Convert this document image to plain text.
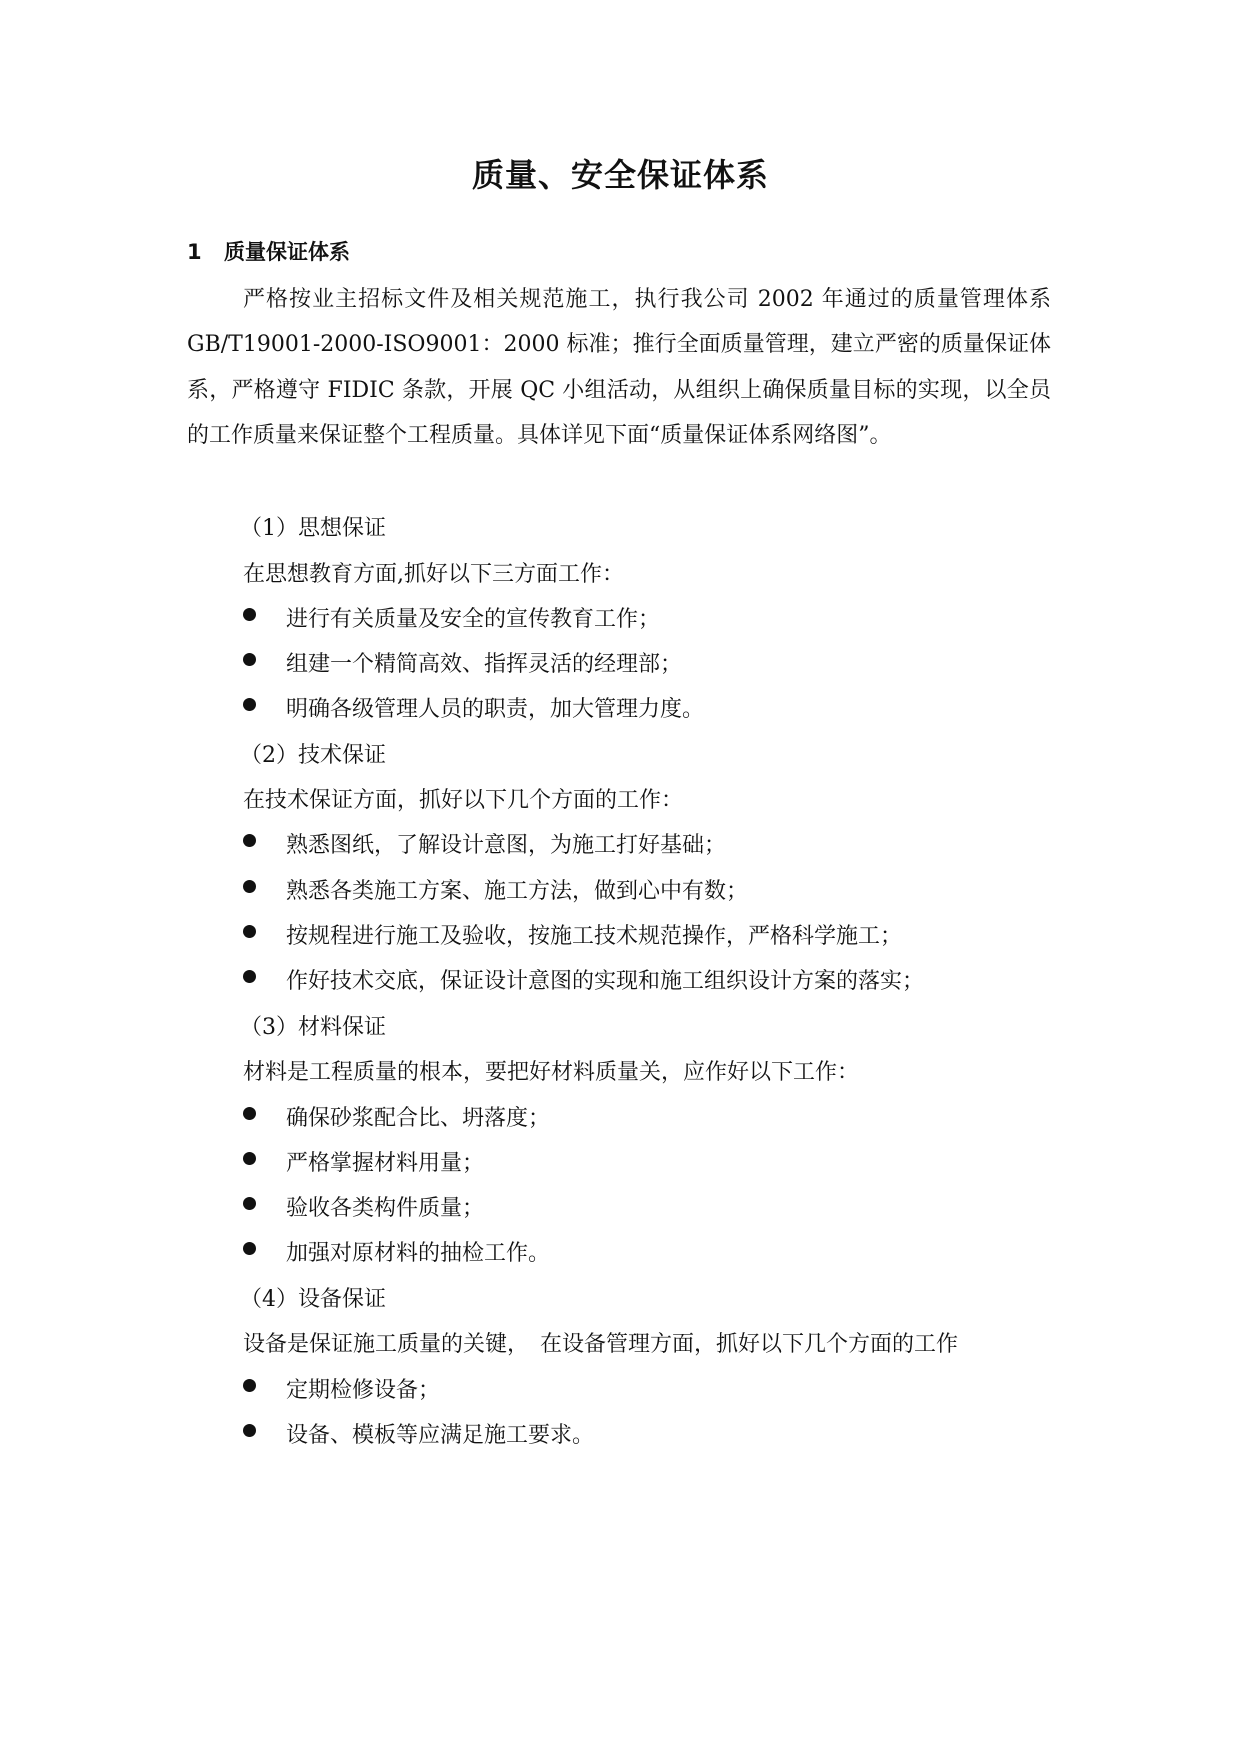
质量、安全保证体系
1 质量保证体系

严格按业主招标文件及相关规范施工，执行我公司 2002 年通过的质量管理体系 GB/T19001-2000-ISO9001：2000 标准；推行全面质量管理，建立严密的质量保证体系，严格遵守 FIDIC 条款，开展 QC 小组活动，从组织上确保质量目标的实现，以全员的工作质量来保证整个工程质量。具体详见下面“质量保证体系网络图”。

（1）思想保证
在思想教育方面,抓好以下三方面工作：
进行有关质量及安全的宣传教育工作；
组建一个精简高效、指挥灵活的经理部；
明确各级管理人员的职责，加大管理力度。
（2）技术保证
在技术保证方面，抓好以下几个方面的工作：
熟悉图纸，了解设计意图，为施工打好基础；
熟悉各类施工方案、施工方法，做到心中有数；
按规程进行施工及验收，按施工技术规范操作，严格科学施工；
作好技术交底，保证设计意图的实现和施工组织设计方案的落实；
（3）材料保证
材料是工程质量的根本，要把好材料质量关，应作好以下工作：
确保砂浆配合比、坍落度；
严格掌握材料用量；
验收各类构件质量；
加强对原材料的抽检工作。
（4）设备保证
设备是保证施工质量的关键，　在设备管理方面，抓好以下几个方面的工作
定期检修设备；
设备、模板等应满足施工要求。
